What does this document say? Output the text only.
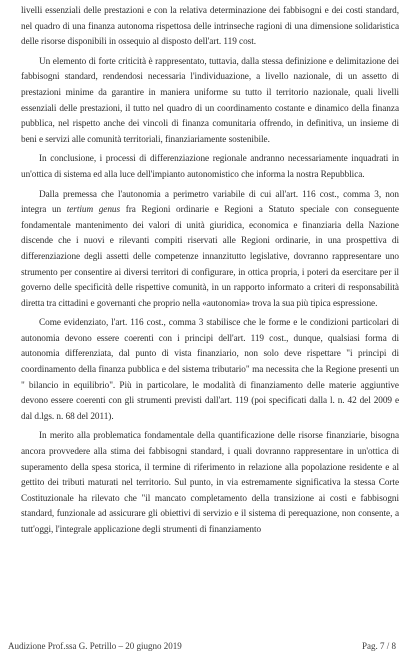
livelli essenziali delle prestazioni e con la relativa determinazione dei fabbisogni e dei costi standard, nel quadro di una finanza autonoma rispettosa delle intrinseche ragioni di una dimensione solidaristica delle risorse disponibili in ossequio al disposto dell'art. 119 cost.

Un elemento di forte criticità è rappresentato, tuttavia, dalla stessa definizione e delimitazione dei fabbisogni standard, rendendosi necessaria l'individuazione, a livello nazionale, di un assetto di prestazioni minime da garantire in maniera uniforme su tutto il territorio nazionale, quali livelli essenziali delle prestazioni, il tutto nel quadro di un coordinamento costante e dinamico della finanza pubblica, nel rispetto anche dei vincoli di finanza comunitaria offrendo, in definitiva, un insieme di beni e servizi alle comunità territoriali, finanziariamente sostenibile.

In conclusione, i processi di differenziazione regionale andranno necessariamente inquadrati in un'ottica di sistema ed alla luce dell'impianto autonomistico che informa la nostra Repubblica.

Dalla premessa che l'autonomia a perimetro variabile di cui all'art. 116 cost., comma 3, non integra un tertium genus fra Regioni ordinarie e Regioni a Statuto speciale con conseguente fondamentale mantenimento dei valori di unità giuridica, economica e finanziaria della Nazione discende che i nuovi e rilevanti compiti riservati alle Regioni ordinarie, in una prospettiva di differenziazione degli assetti delle competenze innanzitutto legislative, dovranno rappresentare uno strumento per consentire ai diversi territori di configurare, in ottica propria, i poteri da esercitare per il governo delle specificità delle rispettive comunità, in un rapporto informato a criteri di responsabilità diretta tra cittadini e governanti che proprio nella «autonomia» trova la sua più tipica espressione.

Come evidenziato, l'art. 116 cost., comma 3 stabilisce che le forme e le condizioni particolari di autonomia devono essere coerenti con i principi dell'art. 119 cost., dunque, qualsiasi forma di autonomia differenziata, dal punto di vista finanziario, non solo deve rispettare "i principi di coordinamento della finanza pubblica e del sistema tributario" ma necessita che la Regione presenti un " bilancio in equilibrio". Più in particolare, le modalità di finanziamento delle materie aggiuntive devono essere coerenti con gli strumenti previsti dall'art. 119 (poi specificati dalla l. n. 42 del 2009 e dal d.lgs. n. 68 del 2011).

In merito alla problematica fondamentale della quantificazione delle risorse finanziarie, bisogna ancora provvedere alla stima dei fabbisogni standard, i quali dovranno rappresentare in un'ottica di superamento della spesa storica, il termine di riferimento in relazione alla popolazione residente e al gettito dei tributi maturati nel territorio. Sul punto, in via estremamente significativa la stessa Corte Costituzionale ha rilevato che "il mancato completamento della transizione ai costi e fabbisogni standard, funzionale ad assicurare gli obiettivi di servizio e il sistema di perequazione, non consente, a tutt'oggi, l'integrale applicazione degli strumenti di finanziamento

Audizione Prof.ssa G. Petrillo – 20 giugno 2019	Pag. 7 / 8
